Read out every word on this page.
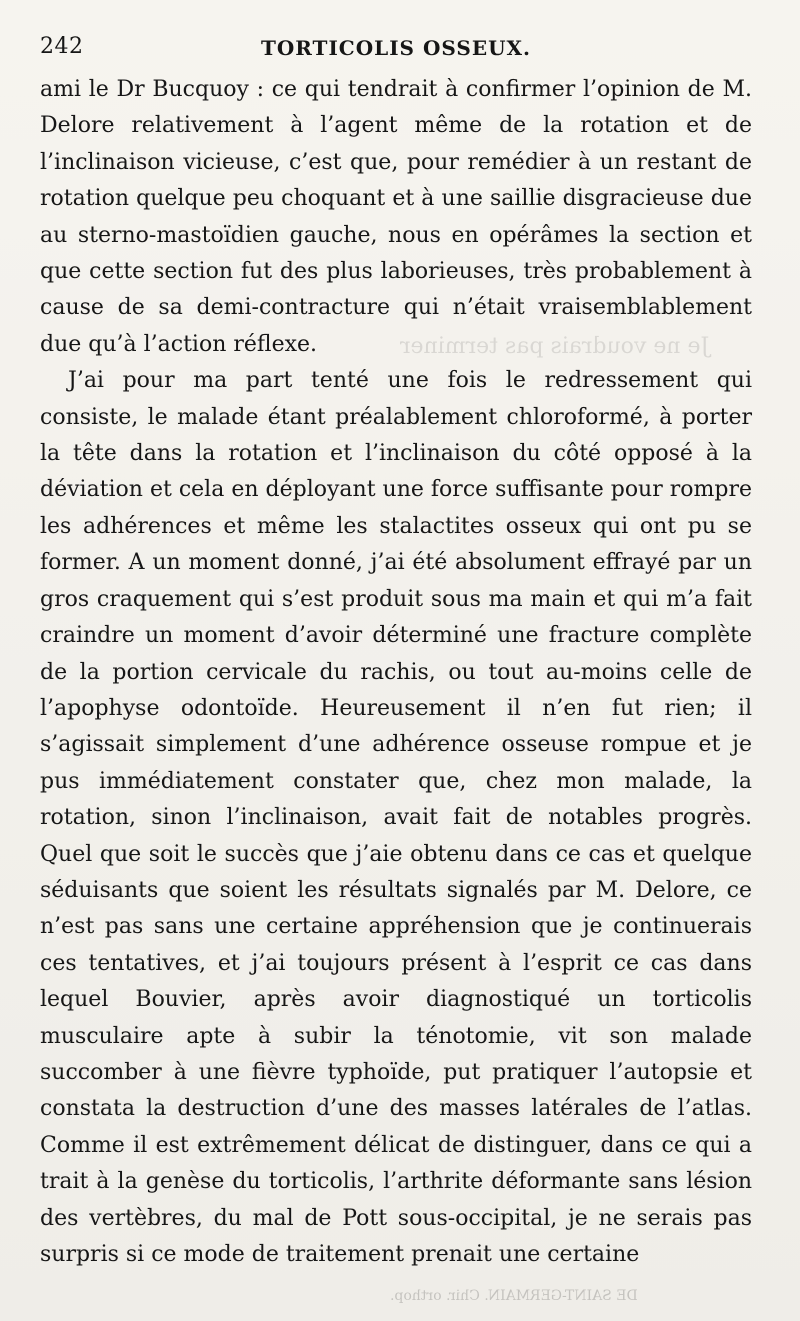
Je ne voudrais pas terminer
DE SAINT-GERMAIN. Chir. orthop.
242	TORTICOLIS OSSEUX.

ami le Dr Bucquoy : ce qui tendrait à confirmer l’opinion de M. Delore relativement à l’agent même de la rotation et de l’inclinaison vicieuse, c’est que, pour remédier à un restant de rotation quelque peu choquant et à une saillie disgracieuse due au sterno-mastoïdien gauche, nous en opérâmes la section et que cette section fut des plus laborieuses, très probablement à cause de sa demi-contracture qui n’était vraisemblablement due qu’à l’action réflexe.

J’ai pour ma part tenté une fois le redressement qui consiste, le malade étant préalablement chloroformé, à porter la tête dans la rotation et l’inclinaison du côté opposé à la déviation et cela en déployant une force suffisante pour rompre les adhérences et même les stalactites osseux qui ont pu se former. A un moment donné, j’ai été absolument effrayé par un gros craquement qui s’est produit sous ma main et qui m’a fait craindre un moment d’avoir déterminé une fracture complète de la portion cervicale du rachis, ou tout au-moins celle de l’apophyse odontoïde. Heureusement il n’en fut rien; il s’agissait simplement d’une adhérence osseuse rompue et je pus immédiatement constater que, chez mon malade, la rotation, sinon l’inclinaison, avait fait de notables progrès. Quel que soit le succès que j’aie obtenu dans ce cas et quelque séduisants que soient les résultats signalés par M. Delore, ce n’est pas sans une certaine appréhension que je continuerais ces tentatives, et j’ai toujours présent à l’esprit ce cas dans lequel Bouvier, après avoir diagnostiqué un torticolis musculaire apte à subir la ténotomie, vit son malade succomber à une fièvre typhoïde, put pratiquer l’autopsie et constata la destruction d’une des masses latérales de l’atlas. Comme il est extrêmement délicat de distinguer, dans ce qui a trait à la genèse du torticolis, l’arthrite déformante sans lésion des vertèbres, du mal de Pott sous-occipital, je ne serais pas surpris si ce mode de traitement prenait une certaine
